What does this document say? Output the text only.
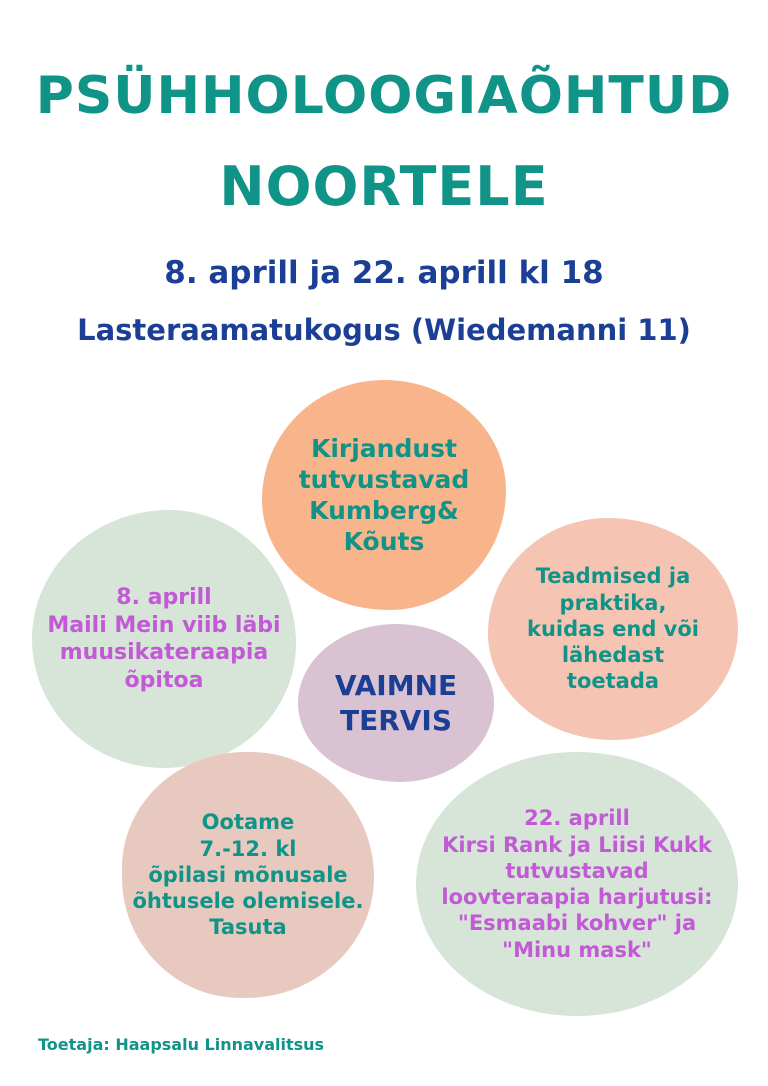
PSÜHHOLOOGIAÕHTUD
NOORTELE
8. aprill ja 22. aprill kl 18
Lasteraamatukogus (Wiedemanni 11)
Kirjandust
tutvustavad
Kumberg&
Kõuts
8. aprill
Maili Mein viib läbi
muusikateraapia
õpitoa
Teadmised ja
praktika,
kuidas end või
lähedast
toetada
VAIMNE
TERVIS
Ootame
7.-12. kl
õpilasi mõnusale
õhtusele olemisele.
Tasuta
22. aprill
Kirsi Rank ja Liisi Kukk
tutvustavad
loovteraapia harjutusi:
"Esmaabi kohver" ja
"Minu mask"
Toetaja: Haapsalu Linnavalitsus
